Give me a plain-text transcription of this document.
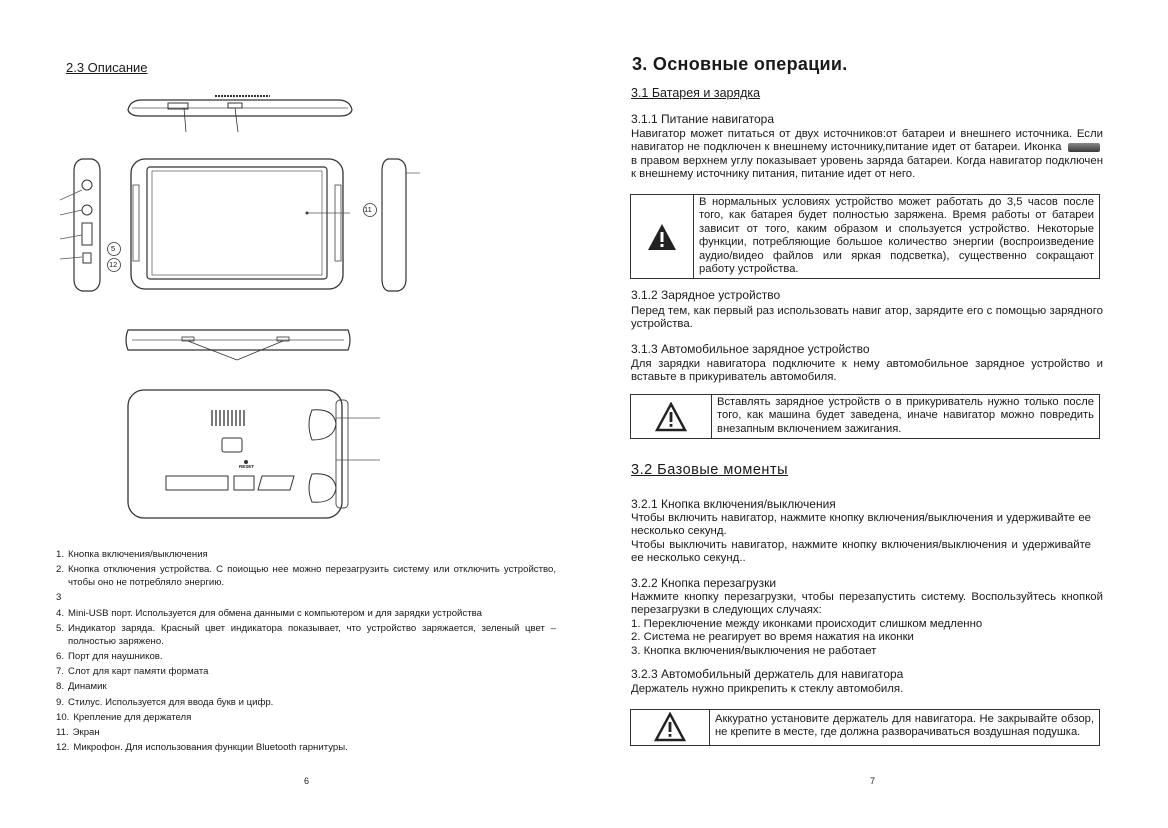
2.3 Описание
11
5
12
RESET
1. Кнопка включения/выключения
2. Кнопка отключения устройства. С поиощью нее можно перезагрузить систему или отключить устройство, чтобы оно не потребляло энергию.
3
4. Mini-USB порт. Используется для обмена данными с компьютером и для зарядки устройства
5. Индикатор заряда. Красный цвет индикатора показывает, что устройство заряжается, зеленый цвет – полностью заряжено.
6. Порт для наушников.
7. Слот для карт памяти формата
8. Динамик
9. Стилус. Используется для ввода букв и цифр.
10. Крепление для держателя
11. Экран
12. Микрофон. Для использования функции Bluetooth гарнитуры.
6
3. Основные операции.
3.1 Батарея и зарядка
3.1.1 Питание навигатора
Навигатор может питаться от двух источников:от батареи и внешнего источника. Если навигатор не подключен к внешнему источнику,питание идет от батареи. Иконка  в правом верхнем углу показывает уровень заряда батареи. Когда навигатор подключен к внешнему источнику питания, питание идет от него.
В нормальных условиях устройство может работать до 3,5 часов после того, как батарея будет полностью заряжена. Время работы от батареи зависит от того, каким образом и спользуется устройство. Некоторые функции, потребляющие большое количество энергии (воспроизведение аудио/видео файлов или яркая подсветка), существенно сокращают работу устройства.
3.1.2 Зарядное устройство
Перед тем, как первый раз использовать навиг атор, зарядите его с помощью зарядного устройства.
3.1.3 Автомобильное зарядное устройство
Для зарядки навигатора подключите к нему автомобильное зарядное устройство и вставьте в прикуриватель автомобиля.
Вставлять зарядное устройств о в прикуриватель нужно только после того, как машина будет заведена, иначе навигатор можно повредить внезапным включением зажигания.
3.2 Базовые моменты
3.2.1 Кнопка включения/выключения
Чтобы включить навигатор, нажмите кнопку включения/выключения и удерживайте ее несколько секунд.
Чтобы выключить навигатор, нажмите кнопку включения/выключения и удерживайте ее несколько секунд..
3.2.2 Кнопка перезагрузки
Нажмите кнопку перезагрузки, чтобы перезапустить систему. Воспользуйтесь кнопкой перезагрузки в следующих случаях:
1. Переключение между иконками происходит слишком медленно
2. Система не реагирует во время нажатия на иконки
3. Кнопка включения/выключения не работает
3.2.3 Автомобильный держатель для навигатора
Держатель нужно прикрепить к стеклу автомобиля.
Аккуратно установите держатель для навигатора. Не закрывайте обзор, не крепите в месте, где должна разворачиваться воздушная подушка.
7
